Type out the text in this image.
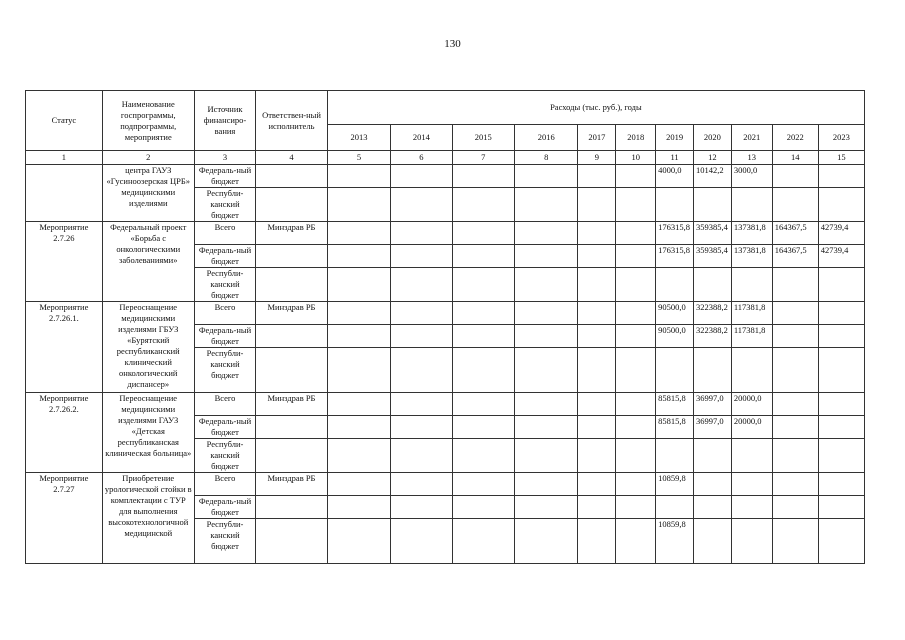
130
Статус	Наименование госпрограммы, подпрограммы, мероприятие	Источник финансиро-вания	Ответствен-ный исполнитель	Расходы (тыс. руб.), годы										
				2013	2014	2015	2016	2017	2018	2019	2020	2021	2022	2023
1	2	3	4	5	6	7	8	9	10	11	12	13	14	15
	центра ГАУЗ «Гусиноозерская ЦРБ» медицинскими изделиями	Федераль-ный бюджет								4000,0	10142,2	3000,0		
		Республи-канский бюджет												
Мероприятие 2.7.26	Федеральный проект «Борьба с онкологическими заболеваниями»	Всего	Минздрав РБ							176315,8	359385,4	137381,8	164367,5	42739,4
		Федераль-ный бюджет								176315,8	359385,4	137381,8	164367,5	42739,4
		Республи-канский бюджет												
Мероприятие 2.7.26.1.	Переоснащение медицинскими изделиями ГБУЗ «Бурятский республиканский клинический онкологический диспансер»	Всего	Минздрав РБ							90500,0	322388,2	117381,8		
		Федераль-ный бюджет								90500,0	322388,2	117381,8		
		Республи-канский бюджет												
Мероприятие 2.7.26.2.	Переоснащение медицинскими изделиями ГАУЗ «Детская республиканская клиническая больница»	Всего	Минздрав РБ							85815,8	36997,0	20000,0		
		Федераль-ный бюджет								85815,8	36997,0	20000,0		
		Республи-канский бюджет												
Мероприятие 2.7.27	Приобретение урологической стойки в комплектации с ТУР для выполнения высокотехнологичной медицинской	Всего	Минздрав РБ							10859,8				
		Федераль-ный бюджет												
		Республи-канский бюджет								10859,8				
